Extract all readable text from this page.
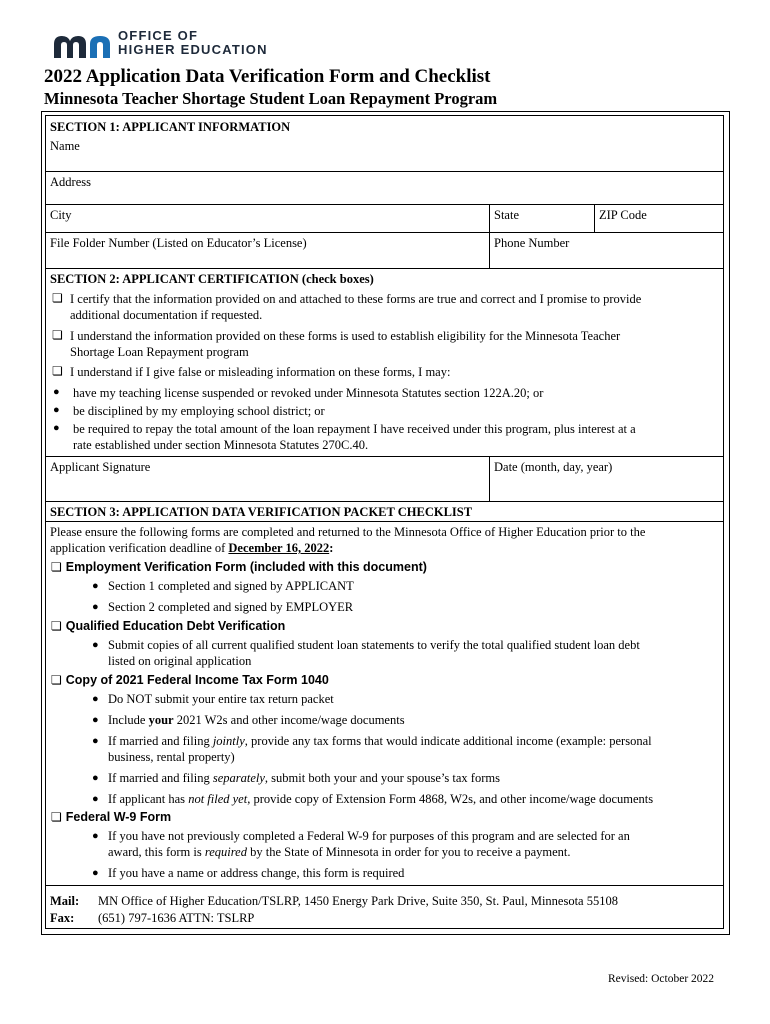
OFFICE OF
HIGHER EDUCATION
2022 Application Data Verification Form and Checklist
Minnesota Teacher Shortage Student Loan Repayment Program
SECTION 1: APPLICANT INFORMATION
Name
Address
City	State	ZIP Code
File Folder Number (Listed on Educator’s License)	Phone Number
SECTION 2: APPLICANT CERTIFICATION (check boxes)
❏ I certify that the information provided on and attached to these forms are true and correct and I promise to provide
additional documentation if requested.
❏ I understand the information provided on these forms is used to establish eligibility for the Minnesota Teacher
Shortage Loan Repayment program
❏ I understand if I give false or misleading information on these forms, I may:
● have my teaching license suspended or revoked under Minnesota Statutes section 122A.20; or
● be disciplined by my employing school district; or
● be required to repay the total amount of the loan repayment I have received under this program, plus interest at a
rate established under section Minnesota Statutes 270C.40.
Applicant Signature	Date (month, day, year)
SECTION 3: APPLICATION DATA VERIFICATION PACKET CHECKLIST
Please ensure the following forms are completed and returned to the Minnesota Office of Higher Education prior to the
application verification deadline of December 16, 2022:
❏ Employment Verification Form (included with this document)
● Section 1 completed and signed by APPLICANT
● Section 2 completed and signed by EMPLOYER
❏ Qualified Education Debt Verification
● Submit copies of all current qualified student loan statements to verify the total qualified student loan debt
listed on original application
❏ Copy of 2021 Federal Income Tax Form 1040
● Do NOT submit your entire tax return packet
● Include your 2021 W2s and other income/wage documents
● If married and filing jointly, provide any tax forms that would indicate additional income (example: personal
business, rental property)
● If married and filing separately, submit both your and your spouse’s tax forms
● If applicant has not filed yet, provide copy of Extension Form 4868, W2s, and other income/wage documents
❏ Federal W-9 Form
● If you have not previously completed a Federal W-9 for purposes of this program and are selected for an
award, this form is required by the State of Minnesota in order for you to receive a payment.
● If you have a name or address change, this form is required
Mail: MN Office of Higher Education/TSLRP, 1450 Energy Park Drive, Suite 350, St. Paul, Minnesota 55108
Fax: (651) 797-1636 ATTN: TSLRP
Revised: October 2022
